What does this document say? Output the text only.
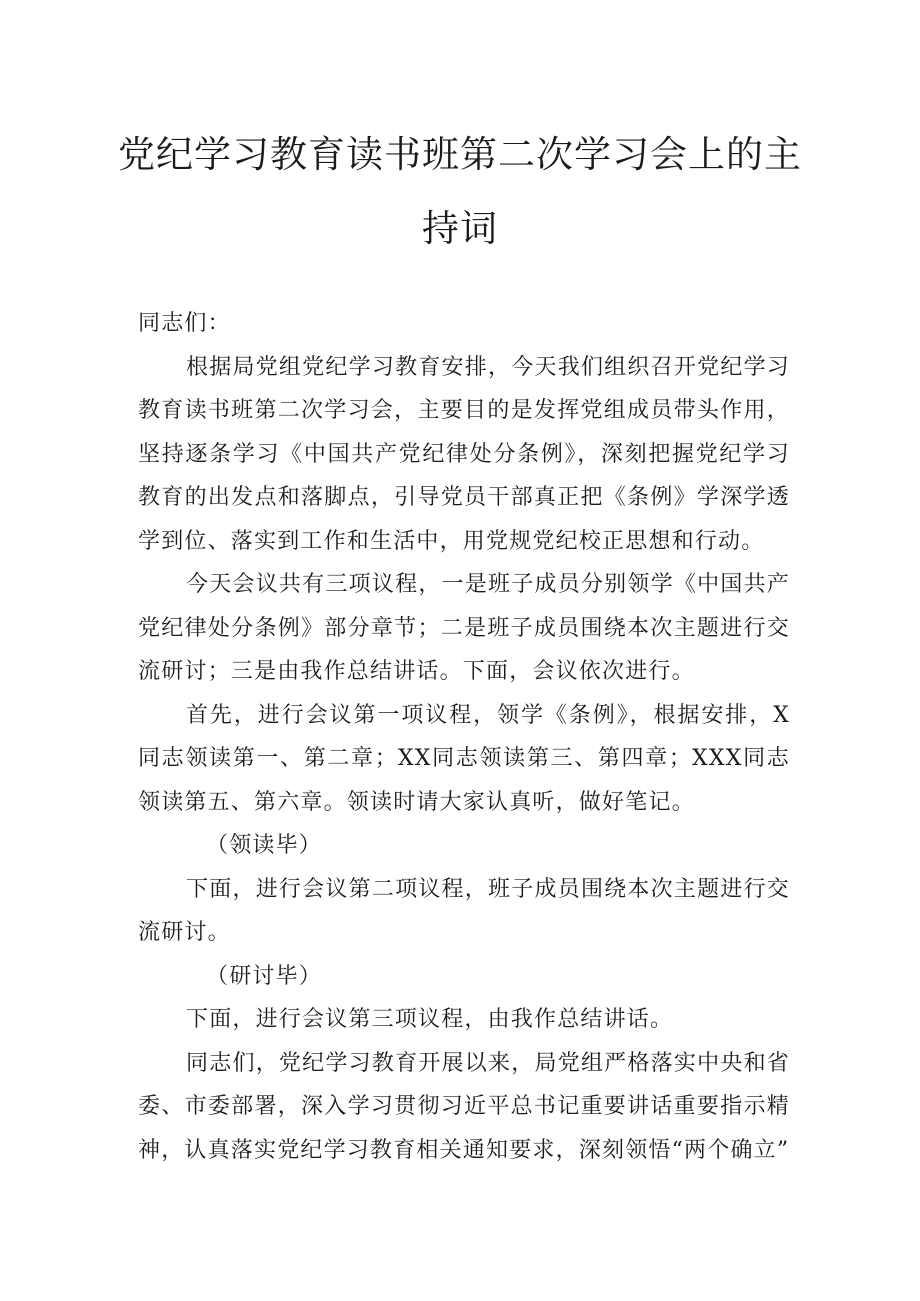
党纪学习教育读书班第二次学习会上的主
持词

同志们：

根据局党组党纪学习教育安排，今天我们组织召开党纪学习教育读书班第二次学习会，主要目的是发挥党组成员带头作用，坚持逐条学习《中国共产党纪律处分条例》，深刻把握党纪学习教育的出发点和落脚点，引导党员干部真正把《条例》学深学透学到位、落实到工作和生活中，用党规党纪校正思想和行动。

今天会议共有三项议程，一是班子成员分别领学《中国共产党纪律处分条例》部分章节；二是班子成员围绕本次主题进行交流研讨；三是由我作总结讲话。下面，会议依次进行。

首先，进行会议第一项议程，领学《条例》，根据安排，X同志领读第一、第二章；XX同志领读第三、第四章；XXX同志领读第五、第六章。领读时请大家认真听，做好笔记。

（领读毕）

下面，进行会议第二项议程，班子成员围绕本次主题进行交流研讨。

（研讨毕）

下面，进行会议第三项议程，由我作总结讲话。

同志们，党纪学习教育开展以来，局党组严格落实中央和省委、市委部署，深入学习贯彻习近平总书记重要讲话重要指示精神，认真落实党纪学习教育相关通知要求，深刻领悟“两个确立”
